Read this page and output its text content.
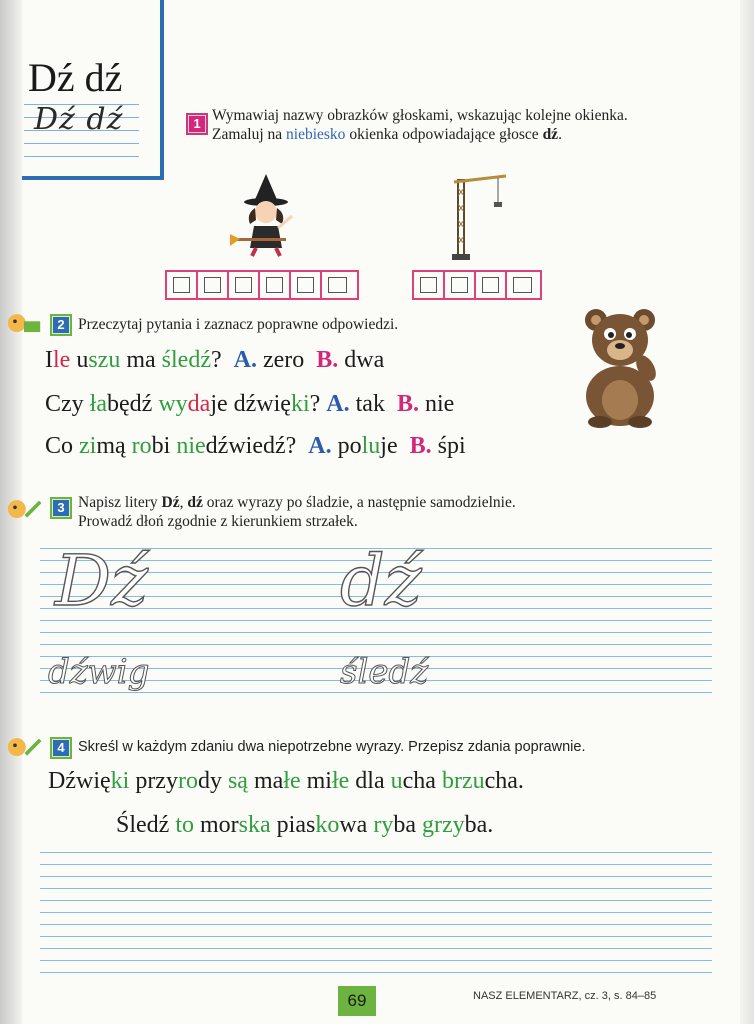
Dź dź
Dź dź	1 Wymawiaj nazwy obrazków głoskami, wskazując kolejne okienka. Zamaluj na niebiesko okienka odpowiadające głosce dź.
2 Przeczytaj pytania i zaznacz poprawne odpowiedzi.
Ile uszu ma śledź? A. zero B. dwa
Czy łabędź wydaje dźwięki? A. tak B. nie
Co zimą robi niedźwiedź? A. poluje B. śpi
3 Napisz litery Dź, dź oraz wyrazy po śladzie, a następnie samodzielnie.
Prowadź dłoń zgodnie z kierunkiem strzałek.
Dź	dź
dźwig	śledź
4 Skreśl w każdym zdaniu dwa niepotrzebne wyrazy. Przepisz zdania poprawnie.
Dźwięki przyrody są małe miłe dla ucha brzucha.
Śledź to morska piaskowa ryba grzyba.
69	NASZ ELEMENTARZ, cz. 3, s. 84–85
